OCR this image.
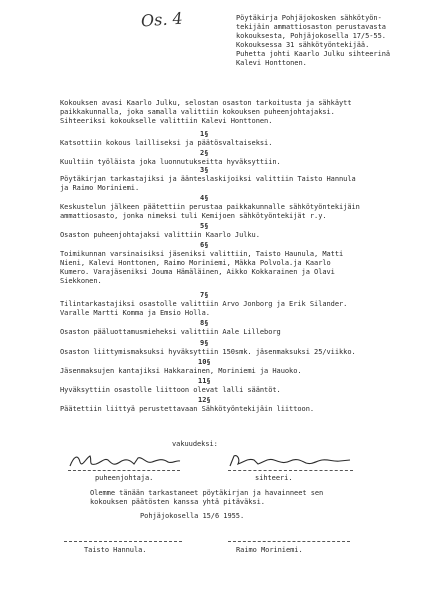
Os. 4	Pöytäkirja Pohjäjokosken sähkötyön-
tekijäin ammattiosaston perustavasta
kokouksesta, Pohjäjokosella 17/5-55.
Kokouksessa 31 sähkötyöntekijää.
Puhetta johti Kaarlo Julku sihteerinä
Kalevi Honttonen.
Kokouksen avasi Kaarlo Julku, selostan osaston tarkoitusta ja sähkäytt
paikkakunnalla, joka samalla valittiin kokouksen puheenjohtajaksi.
Sihteeriksi kokoukselle valittiin Kalevi Honttonen.
1§
Katsottiin kokous lailliseksi ja päätösvaltaiseksi.
2§
Kuultiin työläista joka luonnutukseitta hyväksyttiin.
3§
Pöytäkirjan tarkastajiksi ja äänteslaskijoiksi valittiin Taisto Hannula
ja Raimo Moriniemi.
4§
Keskustelun jälkeen päätettiin perustaa paikkakunnalle sähkötyöntekijäin
ammattiosasto, jonka nimeksi tuli Kemijoen sähkötyöntekijät r.y.
5§
Osaston puheenjohtajaksi valittiin Kaarlo Julku.
6§
Toimikunnan varsinaisiksi jäseniksi valittiin, Taisto Haunula, Matti
Nieni, Kalevi Honttonen, Raimo Moriniemi, Mäkka Polvola.ja Kaarlo
Kumero. Varajäseniksi Jouma Hämäläinen, Aikko Kokkarainen ja Olavi
Siekkonen.
7§
Tilintarkastajiksi osastolle valittiin Arvo Jonborg ja Erik Silander.
Varalle Martti Komma ja Emsio Holla.
8§
Osaston pääluottamusmieheksi valittiin Aale Lilleborg
9§
Osaston liittymismaksuksi hyväksyttiin 150smk. jäsenmaksuksi 25/viikko.
10§
Jäsenmaksujen kantajiksi Hakkarainen, Moriniemi ja Hauoko.
11§
Hyväksyttiin osastolle liittoon olevat lalli sääntöt.
12§
Päätettiin liittyä perustettavaan Sähkötyöntekijäin liittoon.
vakuudeksi:
puheenjohtaja.	sihteeri.
Olemme tänään tarkastaneet pöytäkirjan ja havainneet sen
kokouksen päätösten kanssa yhtä pitäväksi.
Pohjäjokosella 15/6 1955.
Taisto Hannula.	Raimo Moriniemi.
